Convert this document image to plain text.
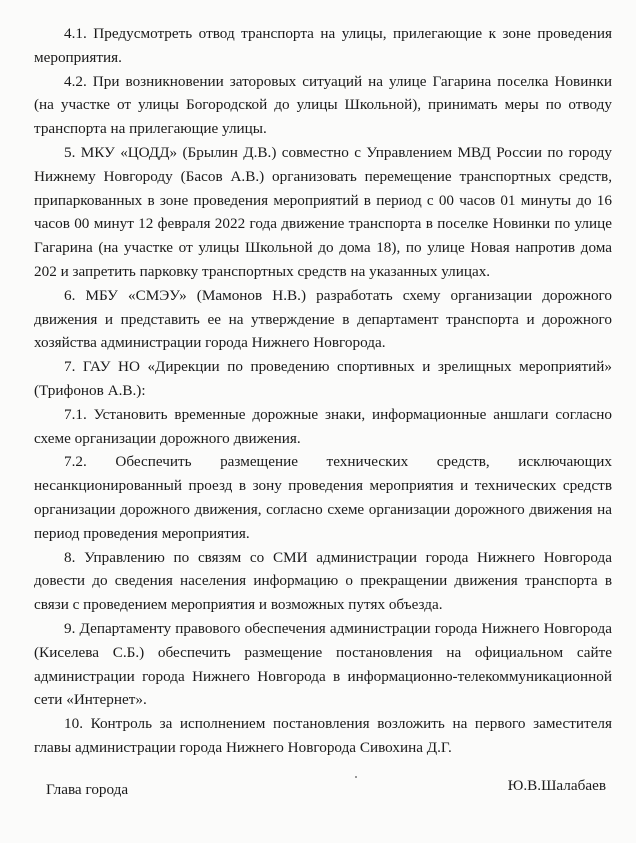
4.1. Предусмотреть отвод транспорта на улицы, прилегающие к зоне проведения мероприятия.

4.2. При возникновении заторовых ситуаций на улице Гагарина поселка Новинки (на участке от улицы Богородской до улицы Школьной), принимать меры по отводу транспорта на прилегающие улицы.

5. МКУ «ЦОДД» (Брылин Д.В.) совместно с Управлением МВД России по городу Нижнему Новгороду (Басов А.В.) организовать перемещение транспортных средств, припаркованных в зоне проведения мероприятий в период с 00 часов 01 минуты до 16 часов 00 минут 12 февраля 2022 года движение транспорта в поселке Новинки по улице Гагарина (на участке от улицы Школьной до дома 18), по улице Новая напротив дома 202 и запретить парковку транспортных средств на указанных улицах.

6. МБУ «СМЭУ» (Мамонов Н.В.) разработать схему организации дорожного движения и представить ее на утверждение в департамент транспорта и дорожного хозяйства администрации города Нижнего Новгорода.

7. ГАУ НО «Дирекции по проведению спортивных и зрелищных мероприятий» (Трифонов А.В.):

7.1. Установить временные дорожные знаки, информационные аншлаги согласно схеме организации дорожного движения.

7.2. Обеспечить размещение технических средств, исключающих несанкционированный проезд в зону проведения мероприятия и технических средств организации дорожного движения, согласно схеме организации дорожного движения на период проведения мероприятия.

8. Управлению по связям со СМИ администрации города Нижнего Новгорода довести до сведения населения информацию о прекращении движения транспорта в связи с проведением мероприятия и возможных путях объезда.

9. Департаменту правового обеспечения администрации города Нижнего Новгорода (Киселева С.Б.) обеспечить размещение постановления на официальном сайте администрации города Нижнего Новгорода в информационно-телекоммуникационной сети «Интернет».

10. Контроль за исполнением постановления возложить на первого заместителя главы администрации города Нижнего Новгорода Сивохина Д.Г.

Глава города	Ю.В.Шалабаев
